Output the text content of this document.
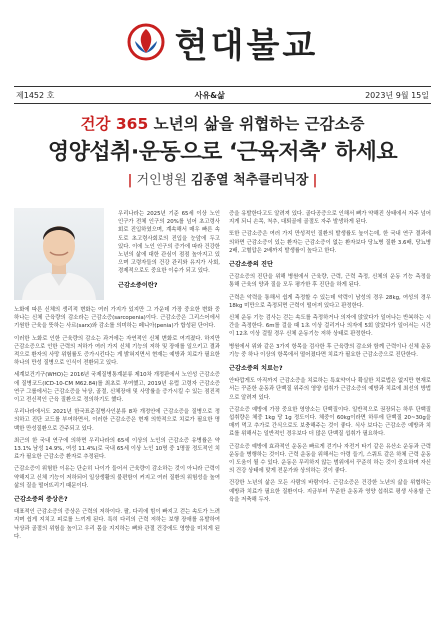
현대불교
제1452 호	사유&삶	2023년 9월 15일
건강 365 노년의 삶을 위협하는 근감소증
영양섭취·운동으로 ‘근육저축’ 하세요
| 거인병원 김종열 척추클리닉장 |

우리나라는 2025년 기준 65세 이상 노인 인구가 전체 인구의 20%를 넘어 초고령사회로 진입하였으며, 계속해서 매우 빠른 속도로 초고령사회로의 진입을 눈앞에 두고 있다. 이에 노인 인구의 증가에 따라 건강한 노년의 삶에 대한 관심이 점점 높아지고 있으며 고령자들의 건강 관리와 유지가 사회, 경제적으로도 중요한 이슈가 되고 있다.

근감소증이란?

노화에 따른 신체의 생리적 변화는 여러 가지가 있지만 그 가운데 가장 중요한 변화 중 하나는 신체 근육량의 감소라는 근감소증(sarcopenia)이다. 근감소증은 그리스어에서 기원한 근육을 뜻하는 사르(sarx)와 감소를 의미하는 페니아(penia)가 합성된 단어다.

이러한 노화로 인한 근육량의 감소는 과거에는 자연적인 신체 변화로 여겨졌다. 하지만 근감소증으로 인한 근력의 저하가 여러 가지 신체 기능의 저하 및 장애를 일으키고 결과적으로 환자의 사망 위험률도 증가시킨다는 게 밝혀지면서 현재는 예방과 치료가 필요한 하나의 만성 질병으로 인식이 전환되고 있다.

세계보건기구(WHO)는 2016년 국제질병통계분류 제10차 개정판에서 노인성 근감소증에 질병코드(ICD-10-CM M62.84)를 최초로 부여했고, 2019년 유럽 고령자 근감소증 연구 그룹에서는 근감소증을 낙상, 골절, 신체장애 및 사망률을 증가시킬 수 있는 점진적이고 전신적인 근육 질환으로 정의하기도 했다.

우리나라에서도 2021년 한국표준질병사인분류 8차 개정안에 근감소증을 질병으로 정의하고 진단 코드를 부여하면서, 이러한 근감소증은 현재 의학적으로 치료가 필요한 명백한 만성질환으로 간주되고 있다.

최근의 한 국내 연구에 의하면 우리나라의 65세 이상의 노인의 근감소증 유병률은 약 13.1% 남성 14.9%, 여성 11.4%)로 국내 65세 이상 노인 10명 중 1명꼴 정도적인 치료가 필요한 근감소증 환자로 추정된다.

근감소증이 위험한 이유는 단순히 나이가 들어서 근육량이 감소하는 것이 아니라 근력이 약해지고 신체 기능이 저하되어 일상생활의 불편함이 커지고 여러 질환의 위험성을 높여 삶의 질을 떨어뜨리기 때문이다.

근감소증의 증상은?

대표적인 근감소증의 증상은 근력의 저하이다. 팔, 다리에 힘이 빠지고 걷는 속도가 느려지며 쉽게 지치고 피로를 느끼게 된다. 특히 다리의 근력 저하는 보행 장애를 유발하여 낙상과 골절의 위험을 높이고 우리 몸을 지지하는 뼈와 관절 건강에도 영향을 미치게 된다.

증을 유발한다고도 알려져 있다. 골다공증으로 인해서 뼈가 약해진 상태에서 자주 넘어지게 되니 손목, 척추, 대퇴골에 골절도 자주 발생하게 된다.

또한 근감소증은 여러 가지 만성적인 질환의 발생률도 높이는데, 한 국내 연구 결과에 의하면 근감소증이 있는 환자는 근감소증이 없는 환자보다 당뇨병 질환 3.6배, 당뇨병 2배, 고혈압은 2배까지 발생률이 높다고 한다.

근감소증의 진단

근감소증의 진단을 위해 병원에서 근육량, 근력, 근력 측정, 신체의 운동 기능 측정을 통해 근육의 양과 질을 모두 평가한 후 진단을 하게 된다.

근력은 악력을 통해서 쉽게 측정할 수 있는데 악력이 남성의 경우 28kg, 여성의 경우 18kg 미만으로 측정되면 근력이 떨어져 있다고 판정한다.

신체 운동 기능 검사는 걷는 속도를 측정하거나 의자에 앉았다가 일어나는 반복하는 시간을 측정한다. 6m를 걸을 때 1초 이상 걸리거나 의자에 5회 앉았다가 일어서는 시간이 12초 이상 걸릴 경우 신체 운동기능 저하 상태로 판정한다.

병원에서 위와 같은 3가지 항목을 검사한 후 근육량의 감소와 함께 근력이나 신체 운동기능 중 하나 이상의 항목에서 떨어졌다면 치료가 필요한 근감소증으로 진단한다.

근감소증의 치료는?

안타깝게도 아직까지 근감소증을 치료하는 특효약이나 확실한 치료법은 없지만 현재로서는 꾸준한 운동과 단백질 위주의 영양 섭취가 근감소증의 예방과 치료에 최선의 방법으로 알려져 있다.

근감소증 예방에 가장 중요한 영양소는 단백질이다. 일반적으로 권장되는 하루 단백질 섭취량은 체중 1kg 당 1g 정도이다. 체중이 60kg이라면 하루에 단백질 20~30g을 매끼 먹고 추가로 간식으로도 보충해주는 것이 좋다. 식사 보다는 근감소증 예방과 치료를 위해서는 일반적인 경우보다 더 많은 단백질 섭취가 필요하다.

근감소증 예방에 효과적인 운동은 빠르게 걷기나 자전거 타기 같은 유산소 운동과 근력 운동을 병행하는 것이다. 근력 운동을 위해서는 아령 들기, 스쿼트 같은 하체 근력 운동이 도움이 될 수 있다. 운동은 무리하지 않는 범위에서 꾸준히 하는 것이 중요하며 자신의 건강 상태에 맞게 전문가와 상의하는 것이 좋다.

건강한 노년의 삶은 모든 사람의 바람이다. 근감소증은 건강한 노년의 삶을 위협하는 예방과 치료가 필요한 질환이다. 지금부터 꾸준한 운동과 영양 섭취로 평생 사용할 근육을 저축해 두자.
